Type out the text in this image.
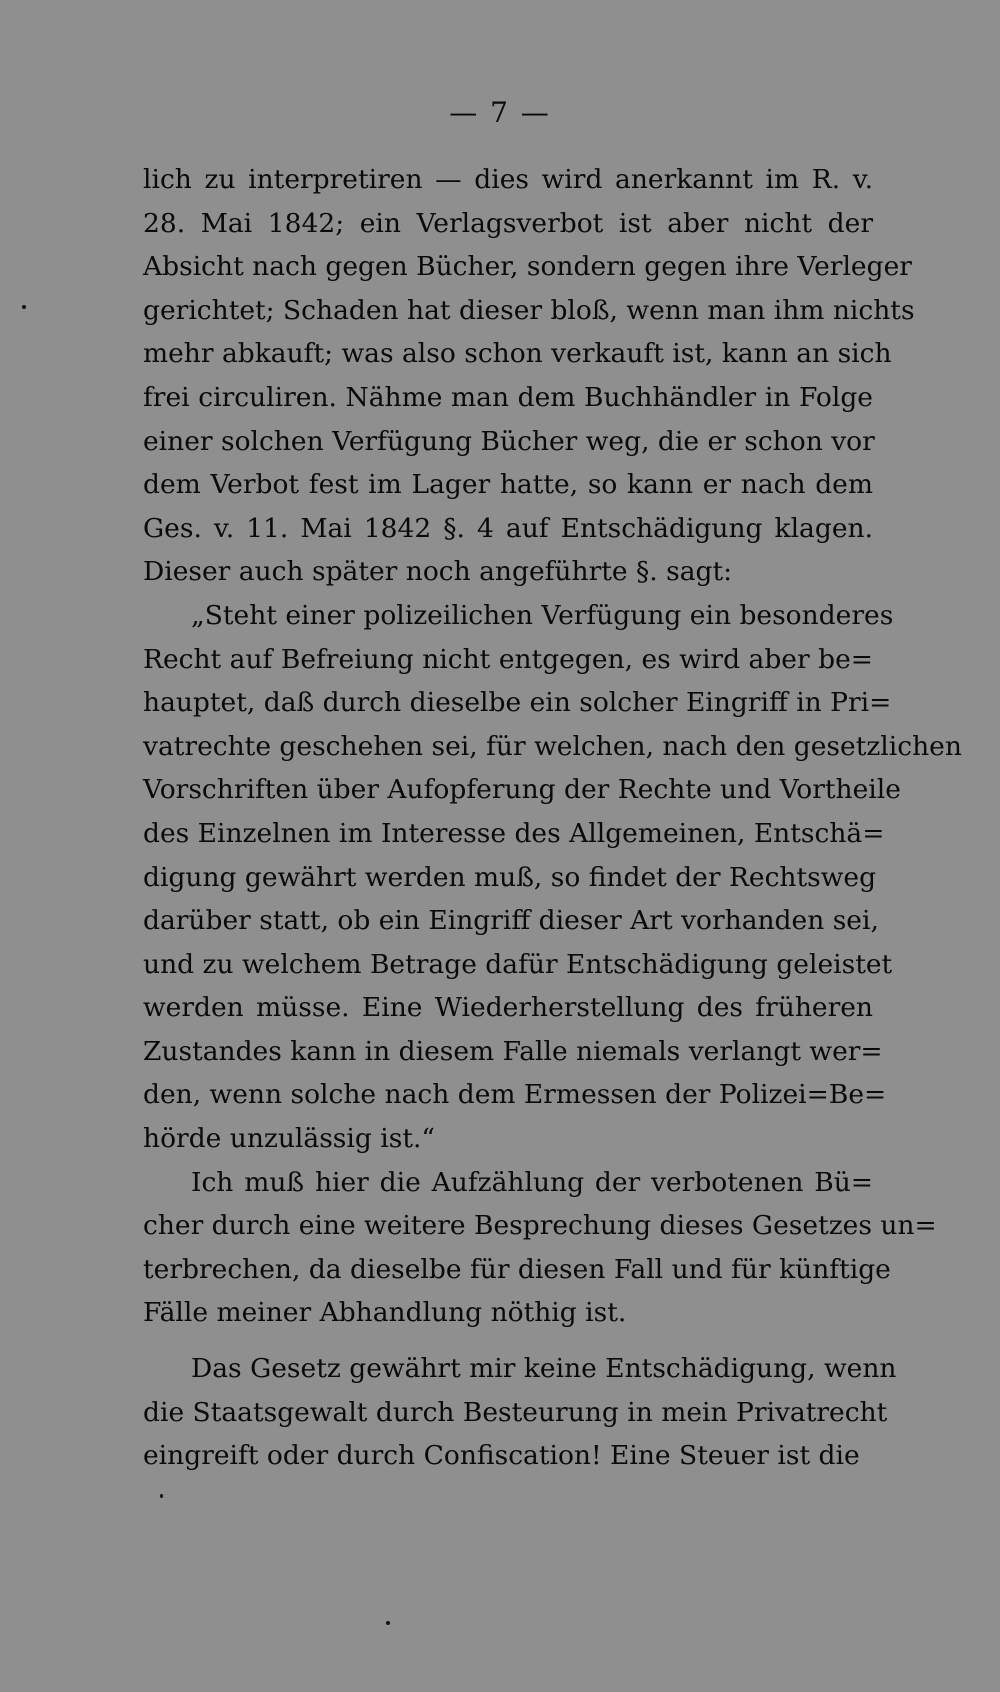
— 7 —
lich zu interpretiren — dies wird anerkannt im R. v.
28. Mai 1842; ein Verlagsverbot ist aber nicht der
Absicht nach gegen Bücher, sondern gegen ihre Verleger
gerichtet; Schaden hat dieser bloß, wenn man ihm nichts
mehr abkauft; was also schon verkauft ist, kann an sich
frei circuliren. Nähme man dem Buchhändler in Folge
einer solchen Verfügung Bücher weg, die er schon vor
dem Verbot fest im Lager hatte, so kann er nach dem
Ges. v. 11. Mai 1842 §. 4 auf Entschädigung klagen.
Dieser auch später noch angeführte §. sagt:
„Steht einer polizeilichen Verfügung ein besonderes
Recht auf Befreiung nicht entgegen, es wird aber be=
hauptet, daß durch dieselbe ein solcher Eingriff in Pri=
vatrechte geschehen sei, für welchen, nach den gesetzlichen
Vorschriften über Aufopferung der Rechte und Vortheile
des Einzelnen im Interesse des Allgemeinen, Entschä=
digung gewährt werden muß, so findet der Rechtsweg
darüber statt, ob ein Eingriff dieser Art vorhanden sei,
und zu welchem Betrage dafür Entschädigung geleistet
werden müsse. Eine Wiederherstellung des früheren
Zustandes kann in diesem Falle niemals verlangt wer=
den, wenn solche nach dem Ermessen der Polizei=Be=
hörde unzulässig ist.“
Ich muß hier die Aufzählung der verbotenen Bü=
cher durch eine weitere Besprechung dieses Gesetzes un=
terbrechen, da dieselbe für diesen Fall und für künftige
Fälle meiner Abhandlung nöthig ist.
Das Gesetz gewährt mir keine Entschädigung, wenn
die Staatsgewalt durch Besteurung in mein Privatrecht
eingreift oder durch Confiscation! Eine Steuer ist die
